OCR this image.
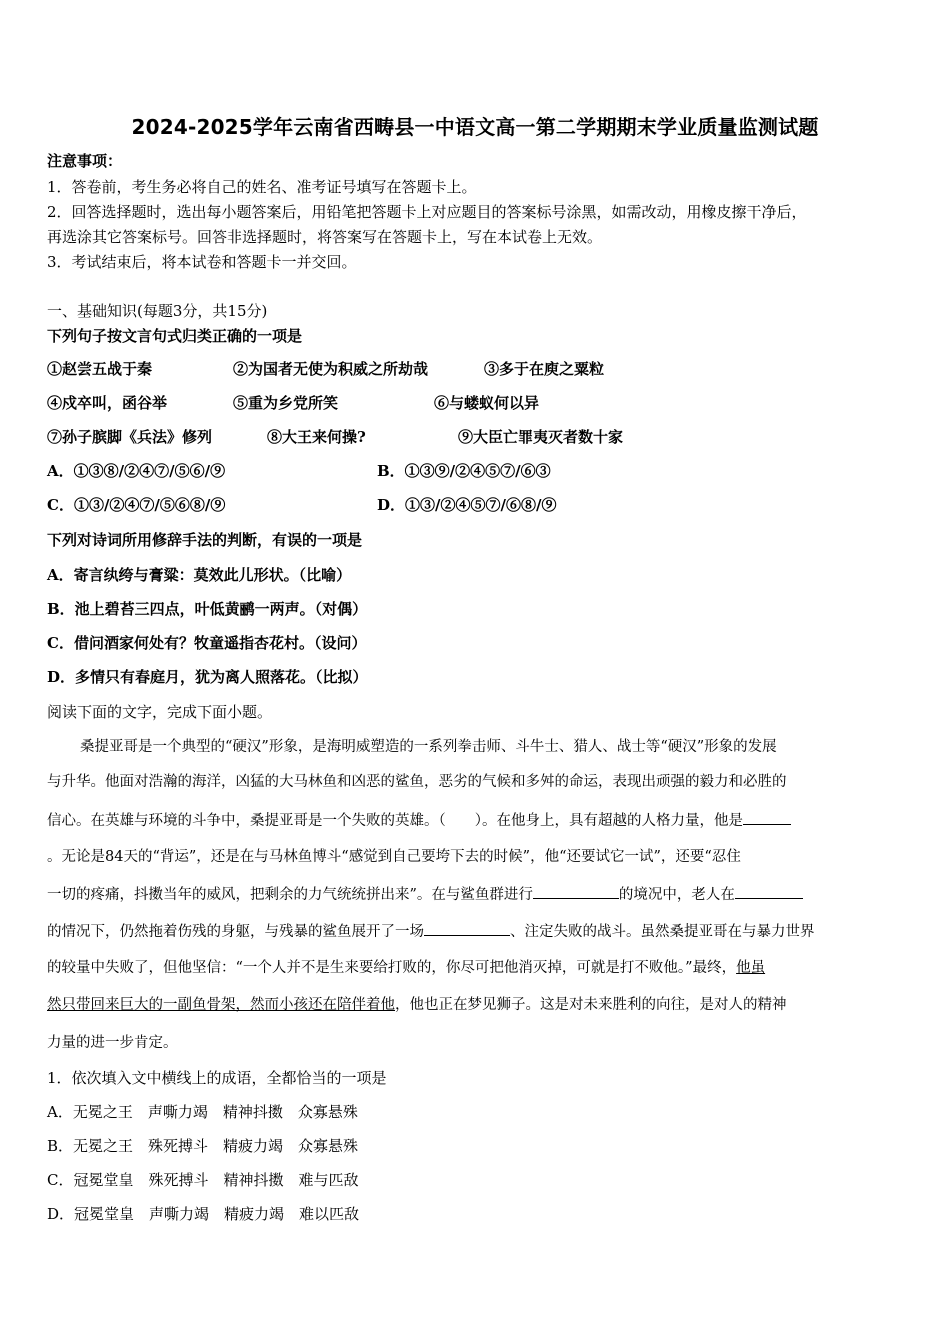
2024-2025学年云南省西畴县一中语文高一第二学期期末学业质量监测试题
注意事项：
1．答卷前，考生务必将自己的姓名、准考证号填写在答题卡上。
2．回答选择题时，选出每小题答案后，用铅笔把答题卡上对应题目的答案标号涂黑，如需改动，用橡皮擦干净后，
再选涂其它答案标号。回答非选择题时，将答案写在答题卡上，写在本试卷上无效。
3．考试结束后，将本试卷和答题卡一并交回。
一、基础知识(每题3分，共15分)
下列句子按文言句式归类正确的一项是
①赵尝五战于秦	②为国者无使为积威之所劫哉	③多于在庾之粟粒
④戍卒叫，函谷举	⑤重为乡党所笑	⑥与蝼蚁何以异
⑦孙子膑脚《兵法》修列	⑧大王来何操?	⑨大臣亡罪夷灭者数十家
A．①③⑧/②④⑦/⑤⑥/⑨	B．①③⑨/②④⑤⑦/⑥③
C．①③/②④⑦/⑤⑥⑧/⑨	D．①③/②④⑤⑦/⑥⑧/⑨
下列对诗词所用修辞手法的判断，有误的一项是
A．寄言纨绔与膏粱：莫效此儿形状。（比喻）
B．池上碧苔三四点，叶低黄鹂一两声。（对偶）
C．借问酒家何处有？牧童遥指杏花村。（设问）
D．多情只有春庭月，犹为离人照落花。（比拟）
阅读下面的文字，完成下面小题。
桑提亚哥是一个典型的“硬汉”形象，是海明威塑造的一系列拳击师、斗牛士、猎人、战士等“硬汉”形象的发展
与升华。他面对浩瀚的海洋，凶猛的大马林鱼和凶恶的鲨鱼，恶劣的气候和多舛的命运，表现出顽强的毅力和必胜的
信心。在英雄与环境的斗争中，桑提亚哥是一个失败的英雄。（　　）。在他身上，具有超越的人格力量，他是
。无论是84天的“背运”，还是在与马林鱼博斗“感觉到自己要垮下去的时候”，他“还要试它一试”，还要“忍住
一切的疼痛，抖擞当年的威风，把剩余的力气统统拼出来”。在与鲨鱼群进行	的境况中，老人在
的情况下，仍然拖着伤残的身躯，与残暴的鲨鱼展开了一场	、注定失败的战斗。虽然桑提亚哥在与暴力世界
的较量中失败了，但他坚信：“一个人并不是生来要给打败的，你尽可把他消灭掉，可就是打不败他。”最终，他虽
然只带回来巨大的一副鱼骨架，然而小孩还在陪伴着他，他也正在梦见狮子。这是对未来胜利的向往，是对人的精神
力量的进一步肯定。
1．依次填入文中横线上的成语，全都恰当的一项是
A．无冕之王　声嘶力竭　精神抖擞　众寡悬殊
B．无冕之王　殊死搏斗　精疲力竭　众寡悬殊
C．冠冕堂皇　殊死搏斗　精神抖擞　难与匹敌
D．冠冕堂皇　声嘶力竭　精疲力竭　难以匹敌
